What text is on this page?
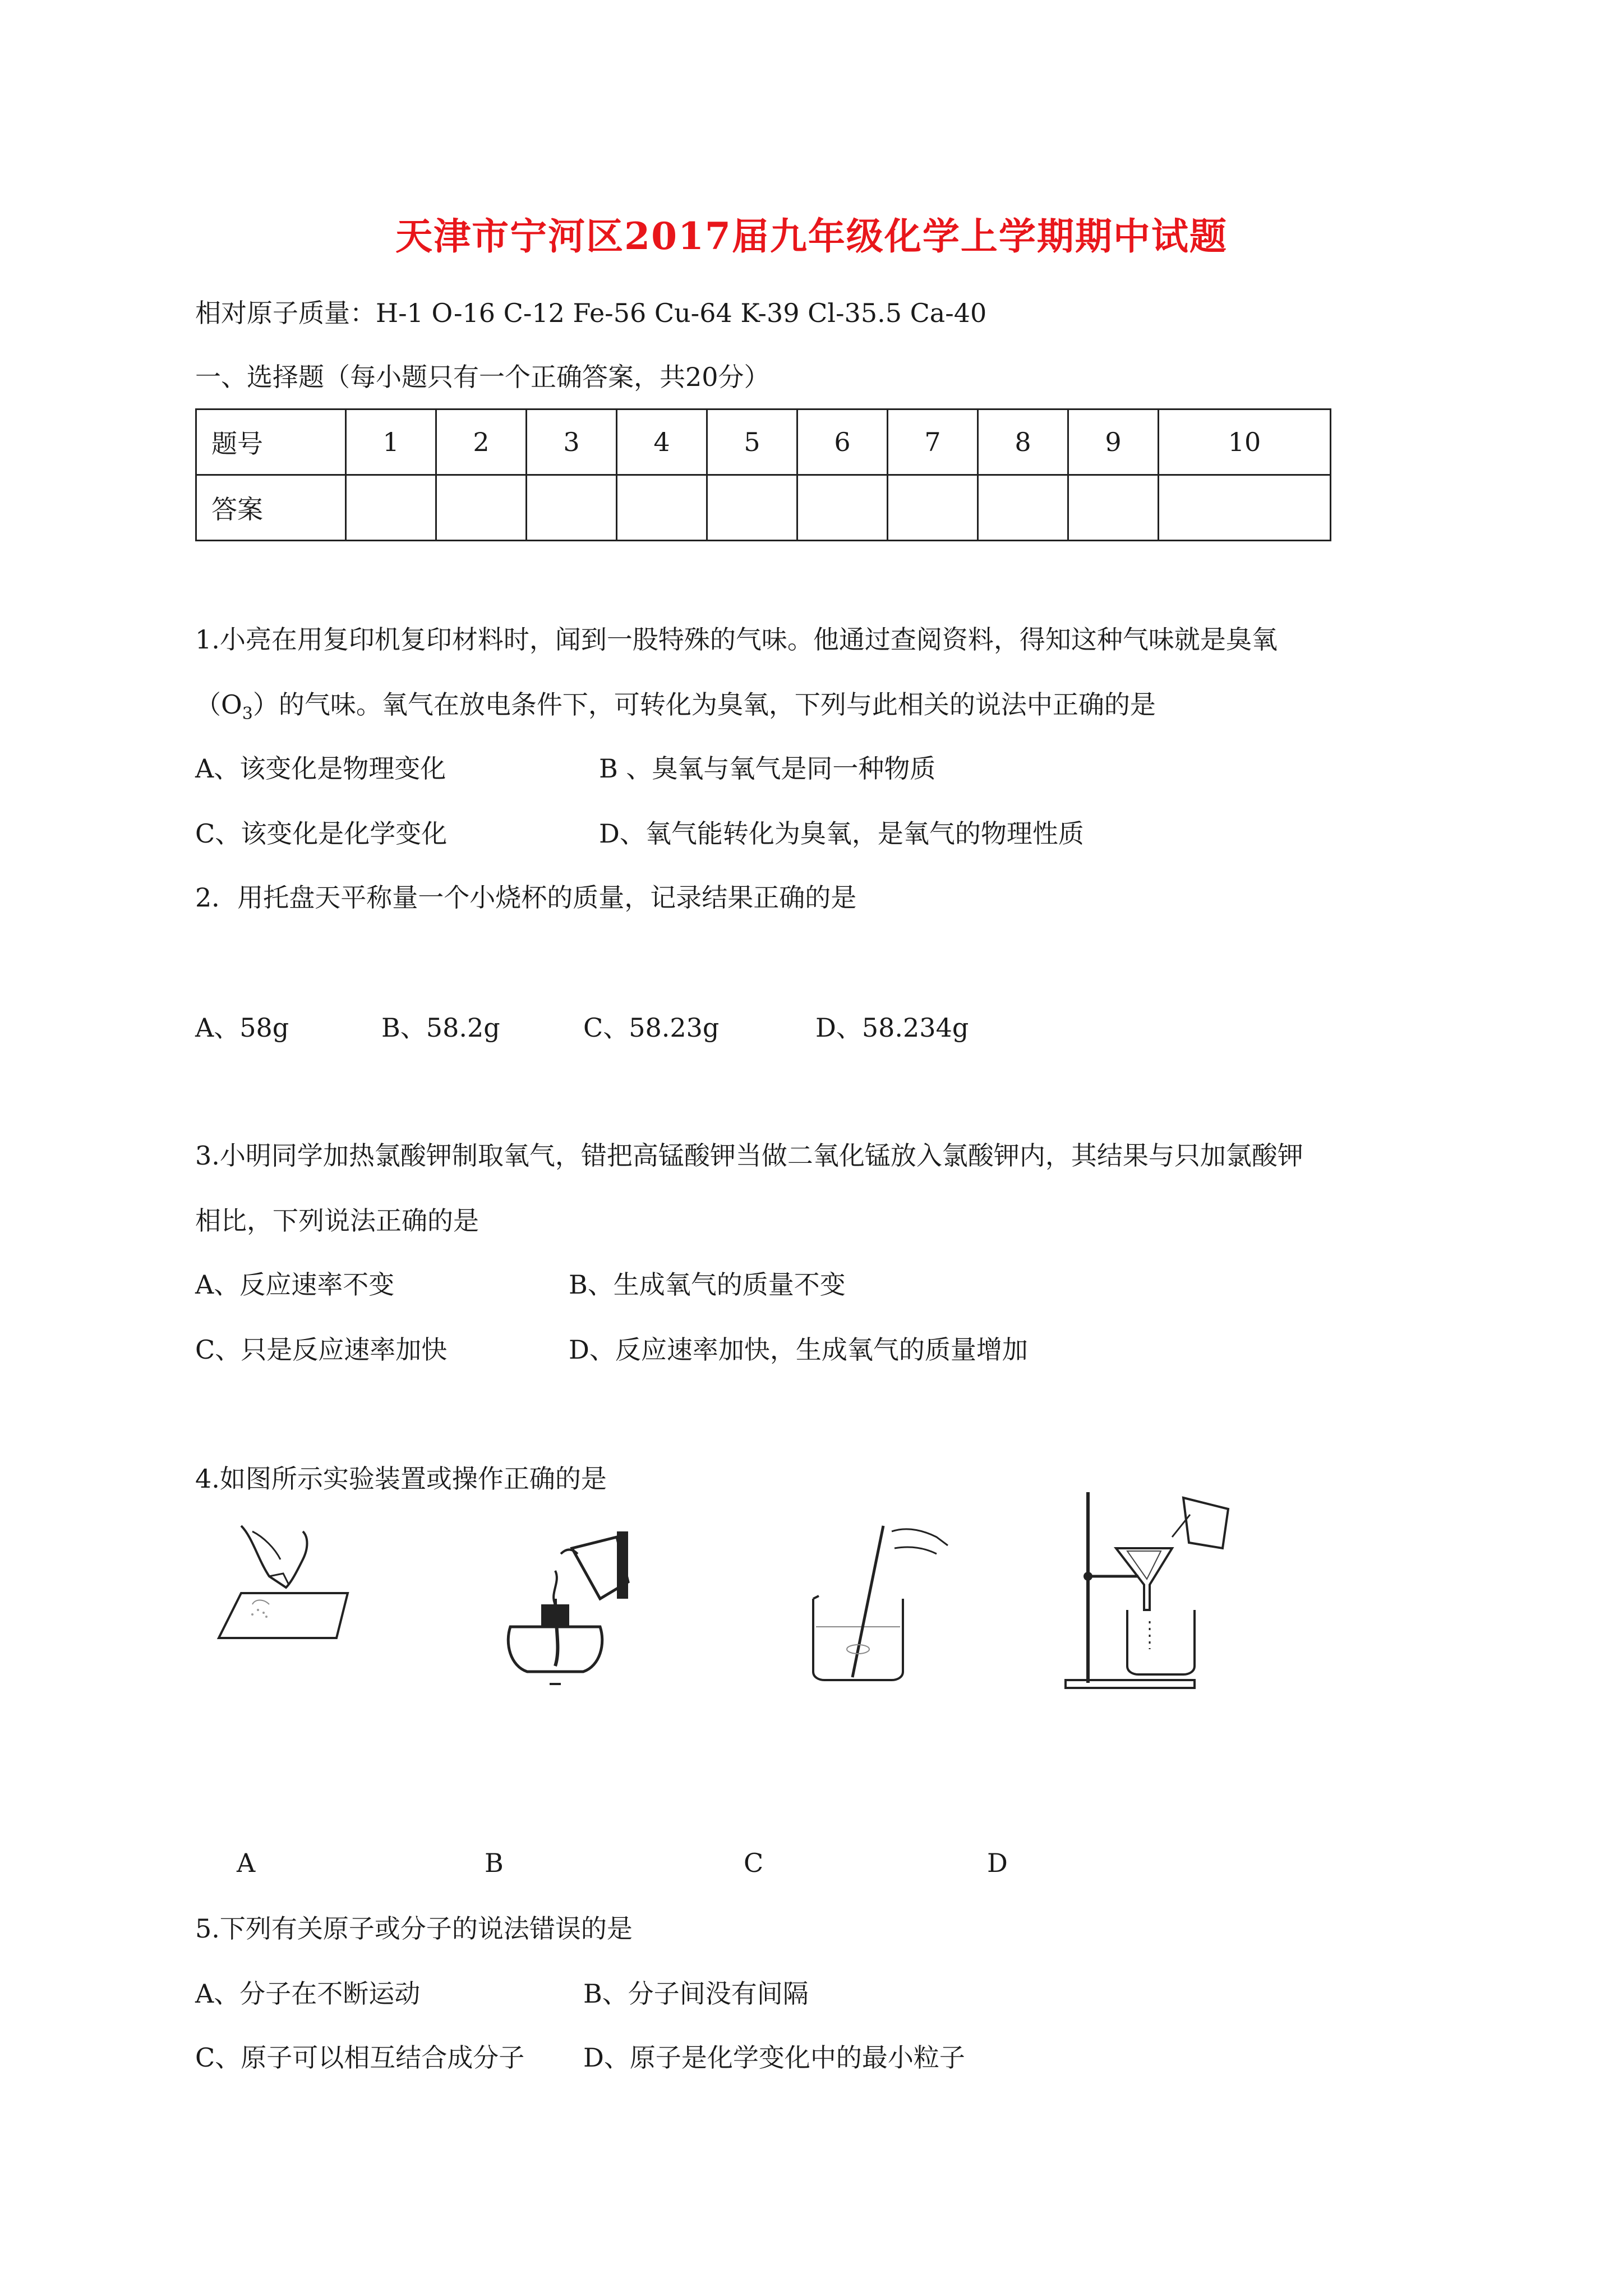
天津市宁河区2017届九年级化学上学期期中试题
相对原子质量：H-1 O-16 C-12 Fe-56 Cu-64 K-39 Cl-35.5 Ca-40
一、选择题（每小题只有一个正确答案，共20分）
题号	1	2	3	4	5	6	7	8	9	10
答案										
1.小亮在用复印机复印材料时，闻到一股特殊的气味。他通过查阅资料，得知这种气味就是臭氧
$(O_3)$的气味。氧气在放电条件下，可转化为臭氧，下列与此相关的说法中正确的是
A、该变化是物理变化	B 、臭氧与氧气是同一种物质
C、该变化是化学变化	D、氧气能转化为臭氧，是氧气的物理性质
2．用托盘天平称量一个小烧杯的质量，记录结果正确的是
A、58g	B、58.2g	C、58.23g	D、58.234g
3.小明同学加热氯酸钾制取氧气，错把高锰酸钾当做二氧化锰放入氯酸钾内，其结果与只加氯酸钾
相比，下列说法正确的是
A、反应速率不变	B、生成氧气的质量不变
C、只是反应速率加快	D、反应速率加快，生成氧气的质量增加
4.如图所示实验装置或操作正确的是
A	B	C	D
5.下列有关原子或分子的说法错误的是
A、分子在不断运动	B、分子间没有间隔
C、原子可以相互结合成分子 D、原子是化学变化中的最小粒子
